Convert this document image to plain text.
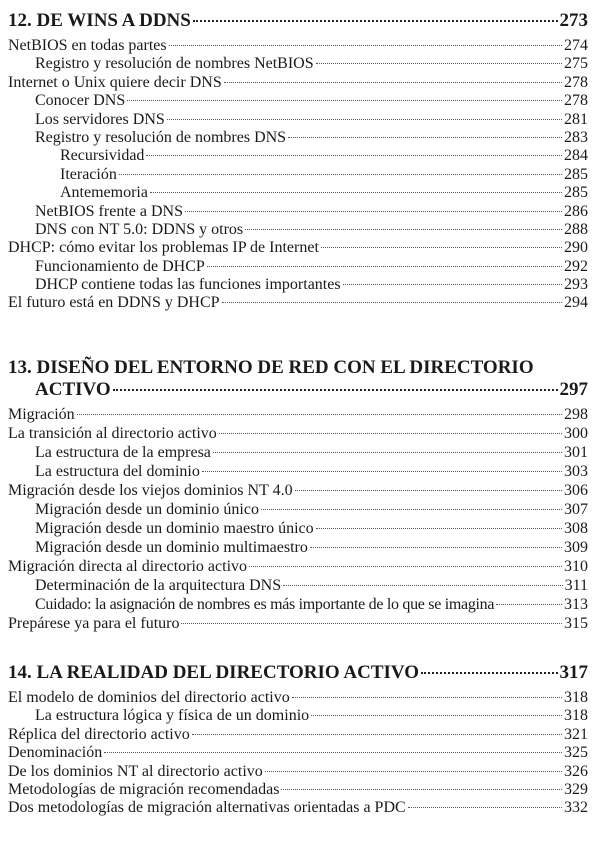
12. DE WINS A DDNS	273
NetBIOS en todas partes	274
Registro y resolución de nombres NetBIOS	275
Internet o Unix quiere decir DNS	278
Conocer DNS	278
Los servidores DNS	281
Registro y resolución de nombres DNS	283
Recursividad	284
Iteración	285
Antememoria	285
NetBIOS frente a DNS	286
DNS con NT 5.0: DDNS y otros	288
DHCP: cómo evitar los problemas IP de Internet	290
Funcionamiento de DHCP	292
DHCP contiene todas las funciones importantes	293
El futuro está en DDNS y DHCP	294
13. DISEÑO DEL ENTORNO DE RED CON EL DIRECTORIO
ACTIVO	297
Migración	298
La transición al directorio activo	300
La estructura de la empresa	301
La estructura del dominio	303
Migración desde los viejos dominios NT 4.0	306
Migración desde un dominio único	307
Migración desde un dominio maestro único	308
Migración desde un dominio multimaestro	309
Migración directa al directorio activo	310
Determinación de la arquitectura DNS	311
Cuidado: la asignación de nombres es más importante de lo que se imagina	313
Prepárese ya para el futuro	315
14. LA REALIDAD DEL DIRECTORIO ACTIVO	317
El modelo de dominios del directorio activo	318
La estructura lógica y física de un dominio	318
Réplica del directorio activo	321
Denominación	325
De los dominios NT al directorio activo	326
Metodologías de migración recomendadas	329
Dos metodologías de migración alternativas orientadas a PDC	332
